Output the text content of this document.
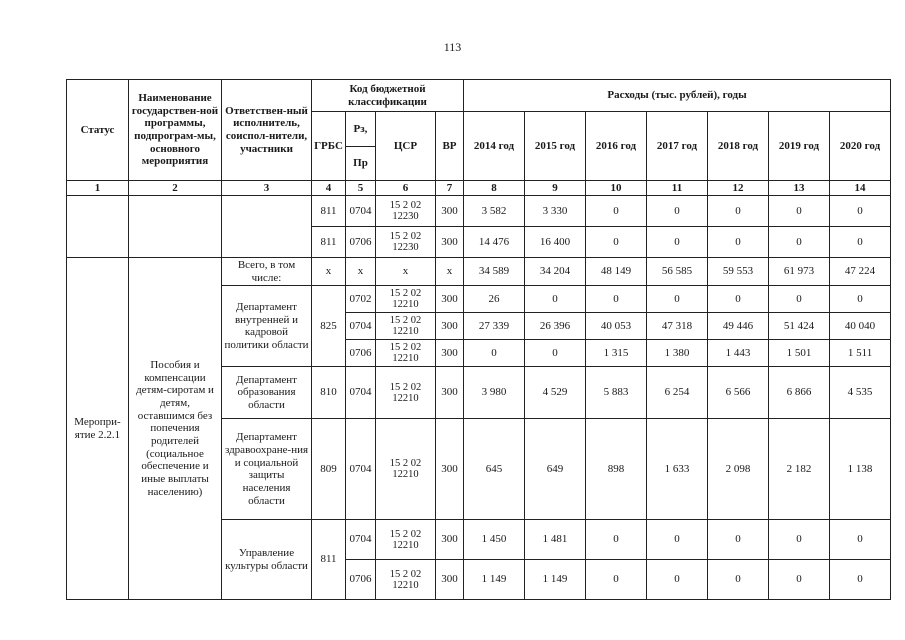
113
Статус	Наименование государствен-ной программы, подпрограм-мы, основного мероприятия	Ответствен-ный исполнитель, соиспол-нители, участники	Код бюджетной классификации				Расходы (тыс. рублей), годы						
			ГРБС	Рз,	ЦСР	ВР	2014 год	2015 год	2016 год	2017 год	2018 год	2019 год	2020 год
				Пр									
1	2	3	4	5	6	7	8	9	10	11	12	13	14
			811	0704	15 2 02 12230	300	3 582	3 330	0	0	0	0	0
			811	0706	15 2 02 12230	300	14 476	16 400	0	0	0	0	0
Меропри-ятие 2.2.1	Пособия и компенсации детям-сиротам и детям, оставшимся без попечения родителей (социальное обеспечение и иные выплаты населению)	Всего, в том числе:	x	x	x	x	34 589	34 204	48 149	56 585	59 553	61 973	47 224
		Департамент внутренней и кадровой политики области	825	0702	15 2 02 12210	300	26	0	0	0	0	0	0
				0704	15 2 02 12210	300	27 339	26 396	40 053	47 318	49 446	51 424	40 040
				0706	15 2 02 12210	300	0	0	1 315	1 380	1 443	1 501	1 511
		Департамент образования области	810	0704	15 2 02 12210	300	3 980	4 529	5 883	6 254	6 566	6 866	4 535
		Департамент здравоохране-ния и социальной защиты населения области	809	0704	15 2 02 12210	300	645	649	898	1 633	2 098	2 182	1 138
		Управление культуры области	811	0704	15 2 02 12210	300	1 450	1 481	0	0	0	0	0
				0706	15 2 02 12210	300	1 149	1 149	0	0	0	0	0
